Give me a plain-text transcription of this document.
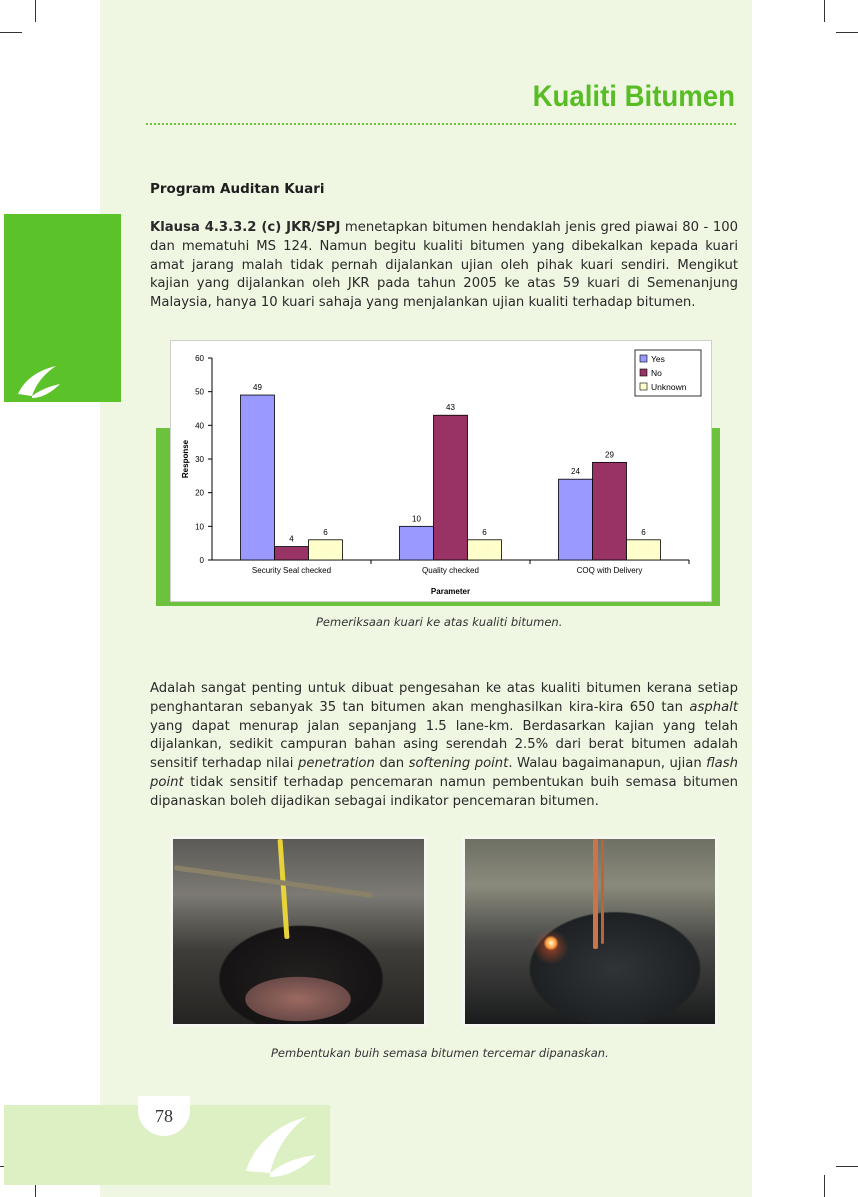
Kualiti Bitumen
Program Auditan Kuari
Klausa 4.3.3.2 (c) JKR/SPJ menetapkan bitumen hendaklah jenis gred piawai 80 - 100 dan mematuhi MS 124. Namun begitu kualiti bitumen yang dibekalkan kepada kuari amat jarang malah tidak pernah dijalankan ujian oleh pihak kuari sendiri. Mengikut kajian yang dijalankan oleh JKR pada tahun 2005 ke atas 59 kuari di Semenanjung Malaysia, hanya 10 kuari sahaja yang menjalankan ujian kualiti terhadap bitumen.
0
10
20
30
40
50
60
Security Seal checked
49
4
6
Quality checked
10
43
6
COQ with Delivery
24
29
6
Parameter
Response
Yes
No
Unknown
Pemeriksaan kuari ke atas kualiti bitumen.
Adalah sangat penting untuk dibuat pengesahan ke atas kualiti bitumen kerana setiap penghantaran sebanyak 35 tan bitumen akan menghasilkan kira-kira 650 tan asphalt yang dapat menurap jalan sepanjang 1.5 lane-km. Berdasarkan kajian yang telah dijalankan, sedikit campuran bahan asing serendah 2.5% dari berat bitumen adalah sensitif terhadap nilai penetration dan softening point. Walau bagaimanapun, ujian flash point tidak sensitif terhadap pencemaran namun pembentukan buih semasa bitumen dipanaskan boleh dijadikan sebagai indikator pencemaran bitumen.
Pembentukan buih semasa bitumen tercemar dipanaskan.
78
